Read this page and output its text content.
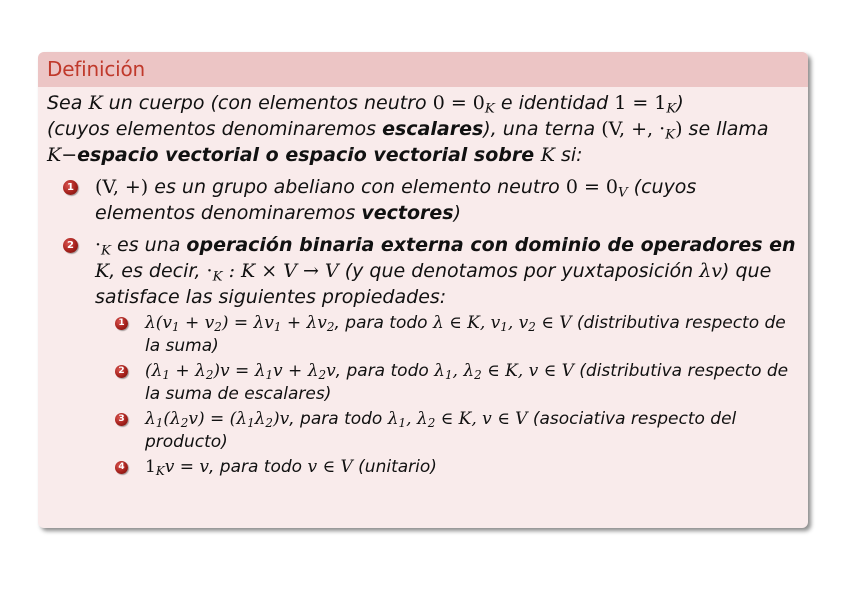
Definición

Sea K un cuerpo (con elementos neutro $0 = 0_K$ e identidad $1 = 1_K$)

(cuyos elementos denominaremos escalares), una terna (V, +, $\cdot_K$) se llama

K−espacio vectorial o espacio vectorial sobre K si:

1 (V, +) es un grupo abeliano con elemento neutro $0 = 0_V$ (cuyos elementos denominaremos vectores)
$2 \cdot_K$ es una operación binaria externa con dominio de operadores en K, es decir, $\cdot_K$ : K × V → V (y que denotamos por yuxtaposición λv) que satisface las siguientes propiedades:
1 $\lambda(v_1 + v_2) = \lambda v_1 + \lambda v_2$, para todo λ ∈ K, $v_1$, $v_2$ ∈ V (distributiva respecto de la suma)
2 $(\lambda_1 + \lambda_2)v = \lambda_1v + \lambda_2v$, para todo $\lambda_1$, $\lambda_2$ ∈ K, v ∈ V (distributiva respecto de la suma de escalares)
3 $\lambda_1(\lambda_2v) = (\lambda_1\lambda_2)v$, para todo $\lambda_1$, $\lambda_2$ ∈ K, v ∈ V (asociativa respecto del producto)
4 $1_Kv = v$, para todo v ∈ V (unitario)
